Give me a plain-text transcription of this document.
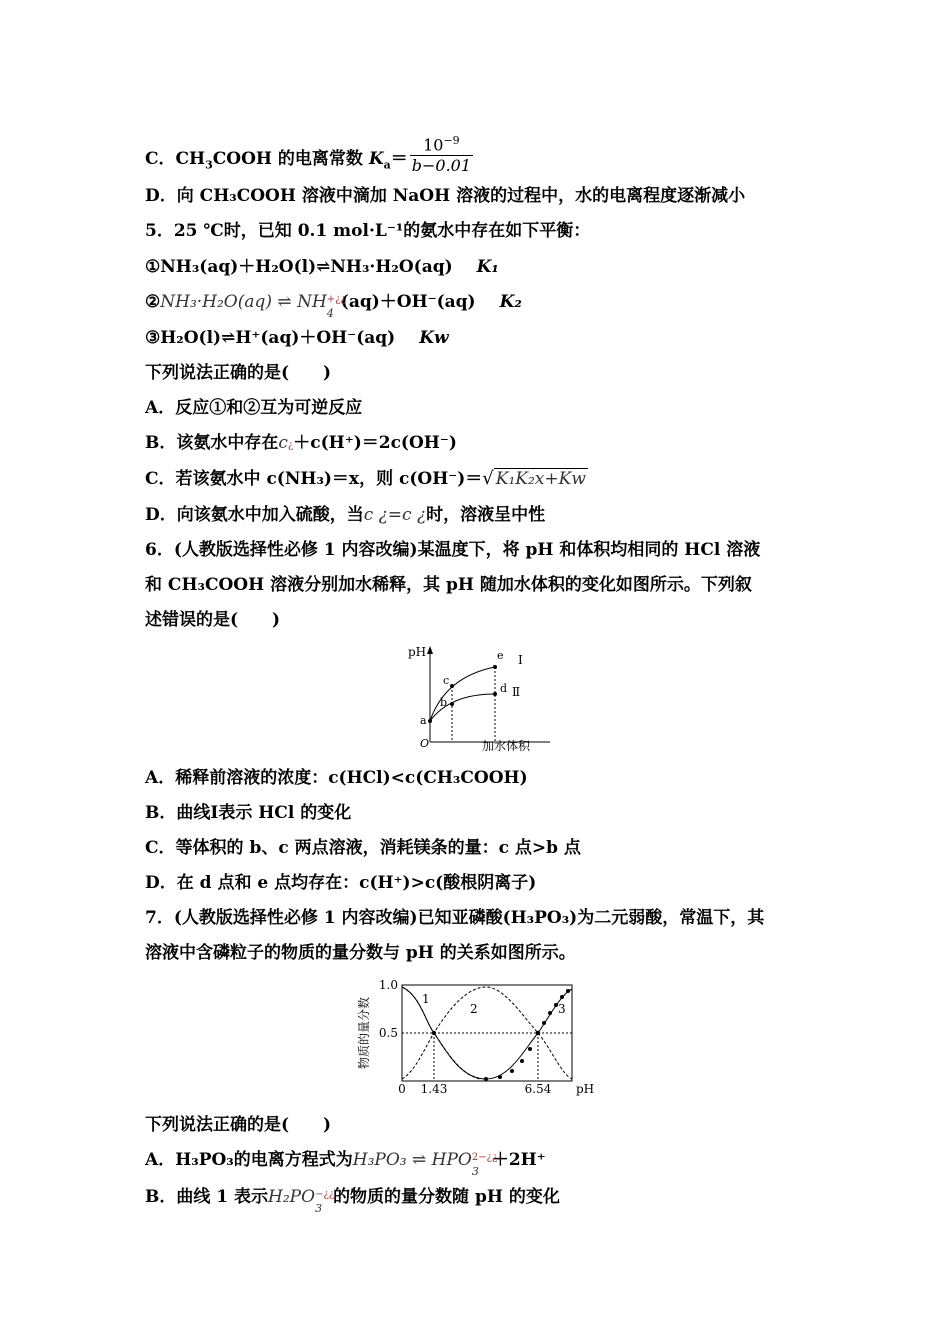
C．$CH_3COOH$ 的电离常数 $K_a= \frac{10^{-9}}{b-0.01}$
D．向 CH₃COOH 溶液中滴加 NaOH 溶液的过程中，水的电离程度逐渐减小
5．25 ℃时，已知 0.1 mol·L⁻¹的氨水中存在如下平衡：
①NH₃(aq)＋H₂O(l)⇌NH₃·H₂O(aq) K₁
②NH₃·H₂O(aq) ⇌ NH +¿¿
4
(aq)＋OH⁻(aq) K₂
③H₂O(l)⇌H⁺(aq)＋OH⁻(aq) Kw
下列说法正确的是(　　)
A．反应①和②互为可逆反应
B．该氨水中存在c¿＋c(H⁺)＝2c(OH⁻)
C．若该氨水中 c(NH₃)＝x，则 c(OH⁻)＝√ K₁K₂x+Kw
D．向该氨水中加入硫酸，当c ¿=c ¿时，溶液呈中性
6．(人教版选择性必修 1 内容改编)某温度下，将 pH 和体积均相同的 HCl 溶液
和 CH₃COOH 溶液分别加水稀释，其 pH 随加水体积的变化如图所示。下列叙
述错误的是(　　)
pH
O	加水体积
a
b
c
d
e Ⅰ
Ⅱ
A．稀释前溶液的浓度：c(HCl)<c(CH₃COOH)
B．曲线Ⅰ表示 HCl 的变化
C．等体积的 b、c 两点溶液，消耗镁条的量：c 点>b 点
D．在 d 点和 e 点均存在：c(H⁺)>c(酸根阴离子)
7．(人教版选择性必修 1 内容改编)已知亚磷酸(H₃PO₃)为二元弱酸，常温下，其
溶液中含磷粒子的物质的量分数与 pH 的关系如图所示。
物质的量分数
1.0
0.5
0 1.43	6.54 pH
1
2	3
下列说法正确的是(　　)
A．H₃PO₃的电离方程式为H₃PO₃ ⇌ HPO 2−¿¿
3
＋2H⁺
B．曲线 1 表示H₂PO −¿¿
3
的物质的量分数随 pH 的变化
